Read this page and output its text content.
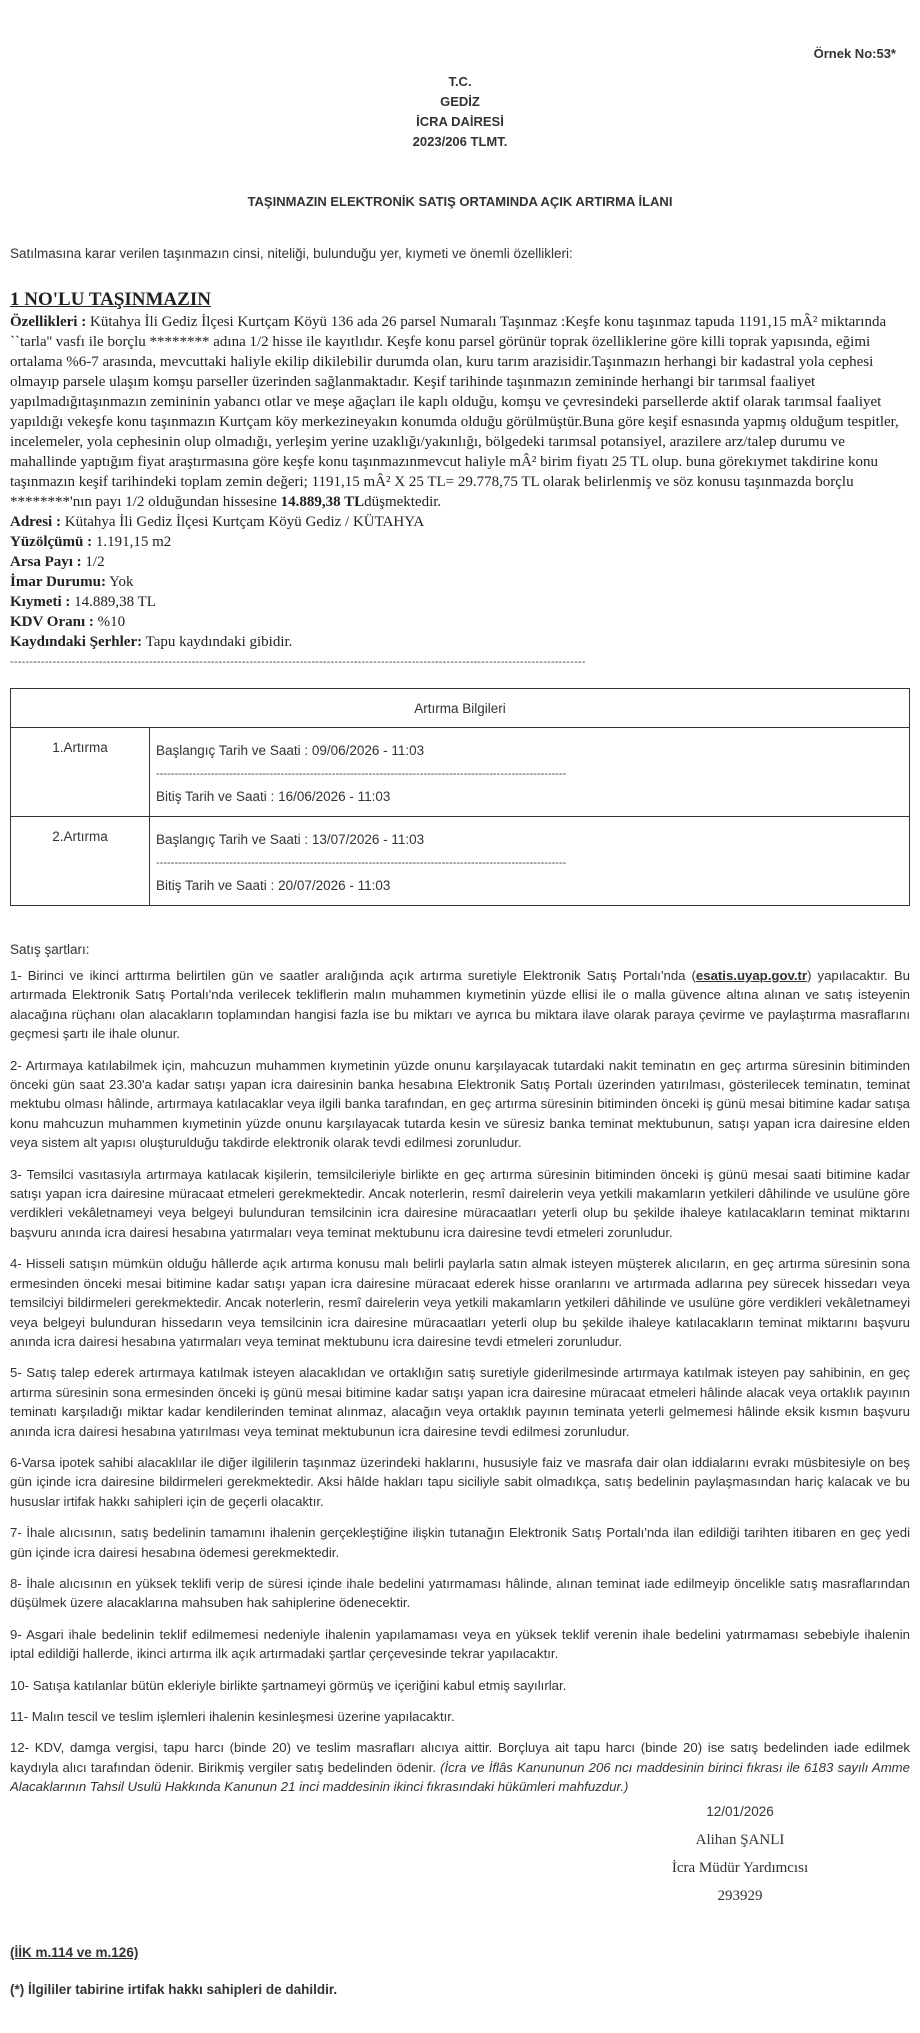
Örnek No:53*
T.C.
GEDİZ
İCRA DAİRESİ
2023/206 TLMT.
TAŞINMAZIN ELEKTRONİK SATIŞ ORTAMINDA AÇIK ARTIRMA İLANI
Satılmasına karar verilen taşınmazın cinsi, niteliği, bulunduğu yer, kıymeti ve önemli özellikleri:
1 NO'LU TAŞINMAZIN

Özellikleri : Kütahya İli Gediz İlçesi Kurtçam Köyü 136 ada 26 parsel Numaralı Taşınmaz :Keşfe konu taşınmaz tapuda 1191,15 mÂ² miktarında ``tarla'' vasfı ile borçlu ******** adına 1/2 hisse ile kayıtlıdır. Keşfe konu parsel görünür toprak özelliklerine göre killi toprak yapısında, eğimi ortalama %6-7 arasında, mevcuttaki haliyle ekilip dikilebilir durumda olan, kuru tarım arazisidir.Taşınmazın herhangi bir kadastral yola cephesi olmayıp parsele ulaşım komşu parseller üzerinden sağlanmaktadır. Keşif tarihinde taşınmazın zemininde herhangi bir tarımsal faaliyet yapılmadığıtaşınmazın zemininin yabancı otlar ve meşe ağaçları ile kaplı olduğu, komşu ve çevresindeki parsellerde aktif olarak tarımsal faaliyet yapıldığı vekeşfe konu taşınmazın Kurtçam köy merkezineyakın konumda olduğu görülmüştür.Buna göre keşif esnasında yapmış olduğum tespitler, incelemeler, yola cephesinin olup olmadığı, yerleşim yerine uzaklığı/yakınlığı, bölgedeki tarımsal potansiyel, arazilere arz/talep durumu ve mahallinde yaptığım fiyat araştırmasına göre keşfe konu taşınmazınmevcut haliyle mÂ² birim fiyatı 25 TL olup. buna görekıymet takdirine konu taşınmazın keşif tarihindeki toplam zemin değeri; 1191,15 mÂ² X 25 TL= 29.778,75 TL olarak belirlenmiş ve söz konusu taşınmazda borçlu ********'nın payı 1/2 olduğundan hissesine 14.889,38 TLdüşmektedir.

Adresi : Kütahya İli Gediz İlçesi Kurtçam Köyü Gediz / KÜTAHYA

Yüzölçümü : 1.191,15 m2

Arsa Payı : 1/2

İmar Durumu: Yok

Kıymeti : 14.889,38 TL

KDV Oranı : %10

Kaydındaki Şerhler: Tapu kaydındaki gibidir.

-----------------------------------------------------------------------------------------------------------------------------------------------------
Artırma Bilgileri	
1.Artırma	Başlangıç Tarih ve Saati : 09/06/2026 - 11:03
----------------------------------------------------------------------------------------------------------------
Bitiş Tarih ve Saati : 16/06/2026 - 11:03

2.Artırma	Başlangıç Tarih ve Saati : 13/07/2026 - 11:03
----------------------------------------------------------------------------------------------------------------
Bitiş Tarih ve Saati : 20/07/2026 - 11:03
Satış şartları:

1- Birinci ve ikinci arttırma belirtilen gün ve saatler aralığında açık artırma suretiyle Elektronik Satış Portalı'nda (esatis.uyap.gov.tr) yapılacaktır. Bu artırmada Elektronik Satış Portalı'nda verilecek tekliflerin malın muhammen kıymetinin yüzde ellisi ile o malla güvence altına alınan ve satış isteyenin alacağına rüçhanı olan alacakların toplamından hangisi fazla ise bu miktarı ve ayrıca bu miktara ilave olarak paraya çevirme ve paylaştırma masraflarını geçmesi şartı ile ihale olunur.

2- Artırmaya katılabilmek için, mahcuzun muhammen kıymetinin yüzde onunu karşılayacak tutardaki nakit teminatın en geç artırma süresinin bitiminden önceki gün saat 23.30'a kadar satışı yapan icra dairesinin banka hesabına Elektronik Satış Portalı üzerinden yatırılması, gösterilecek teminatın, teminat mektubu olması hâlinde, artırmaya katılacaklar veya ilgili banka tarafından, en geç artırma süresinin bitiminden önceki iş günü mesai bitimine kadar satışa konu mahcuzun muhammen kıymetinin yüzde onunu karşılayacak tutarda kesin ve süresiz banka teminat mektubunun, satışı yapan icra dairesine elden veya sistem alt yapısı oluşturulduğu takdirde elektronik olarak tevdi edilmesi zorunludur.

3- Temsilci vasıtasıyla artırmaya katılacak kişilerin, temsilcileriyle birlikte en geç artırma süresinin bitiminden önceki iş günü mesai saati bitimine kadar satışı yapan icra dairesine müracaat etmeleri gerekmektedir. Ancak noterlerin, resmî dairelerin veya yetkili makamların yetkileri dâhilinde ve usulüne göre verdikleri vekâletnameyi veya belgeyi bulunduran temsilcinin icra dairesine müracaatları yeterli olup bu şekilde ihaleye katılacakların teminat miktarını başvuru anında icra dairesi hesabına yatırmaları veya teminat mektubunu icra dairesine tevdi etmeleri zorunludur.

4- Hisseli satışın mümkün olduğu hâllerde açık artırma konusu malı belirli paylarla satın almak isteyen müşterek alıcıların, en geç artırma süresinin sona ermesinden önceki mesai bitimine kadar satışı yapan icra dairesine müracaat ederek hisse oranlarını ve artırmada adlarına pey sürecek hissedarı veya temsilciyi bildirmeleri gerekmektedir. Ancak noterlerin, resmî dairelerin veya yetkili makamların yetkileri dâhilinde ve usulüne göre verdikleri vekâletnameyi veya belgeyi bulunduran hissedarın veya temsilcinin icra dairesine müracaatları yeterli olup bu şekilde ihaleye katılacakların teminat miktarını başvuru anında icra dairesi hesabına yatırmaları veya teminat mektubunu icra dairesine tevdi etmeleri zorunludur.

5- Satış talep ederek artırmaya katılmak isteyen alacaklıdan ve ortaklığın satış suretiyle giderilmesinde artırmaya katılmak isteyen pay sahibinin, en geç artırma süresinin sona ermesinden önceki iş günü mesai bitimine kadar satışı yapan icra dairesine müracaat etmeleri hâlinde alacak veya ortaklık payının teminatı karşıladığı miktar kadar kendilerinden teminat alınmaz, alacağın veya ortaklık payının teminata yeterli gelmemesi hâlinde eksik kısmın başvuru anında icra dairesi hesabına yatırılması veya teminat mektubunun icra dairesine tevdi edilmesi zorunludur.

6-Varsa ipotek sahibi alacaklılar ile diğer ilgililerin taşınmaz üzerindeki haklarını, hususiyle faiz ve masrafa dair olan iddialarını evrakı müsbitesiyle on beş gün içinde icra dairesine bildirmeleri gerekmektedir. Aksi hâlde hakları tapu siciliyle sabit olmadıkça, satış bedelinin paylaşmasından hariç kalacak ve bu hususlar irtifak hakkı sahipleri için de geçerli olacaktır.

7- İhale alıcısının, satış bedelinin tamamını ihalenin gerçekleştiğine ilişkin tutanağın Elektronik Satış Portalı'nda ilan edildiği tarihten itibaren en geç yedi gün içinde icra dairesi hesabına ödemesi gerekmektedir.

8- İhale alıcısının en yüksek teklifi verip de süresi içinde ihale bedelini yatırmaması hâlinde, alınan teminat iade edilmeyip öncelikle satış masraflarından düşülmek üzere alacaklarına mahsuben hak sahiplerine ödenecektir.

9- Asgari ihale bedelinin teklif edilmemesi nedeniyle ihalenin yapılamaması veya en yüksek teklif verenin ihale bedelini yatırmaması sebebiyle ihalenin iptal edildiği hallerde, ikinci artırma ilk açık artırmadaki şartlar çerçevesinde tekrar yapılacaktır.

10- Satışa katılanlar bütün ekleriyle birlikte şartnameyi görmüş ve içeriğini kabul etmiş sayılırlar.

11- Malın tescil ve teslim işlemleri ihalenin kesinleşmesi üzerine yapılacaktır.

12- KDV, damga vergisi, tapu harcı (binde 20) ve teslim masrafları alıcıya aittir. Borçluya ait tapu harcı (binde 20) ise satış bedelinden iade edilmek kaydıyla alıcı tarafından ödenir. Birikmiş vergiler satış bedelinden ödenir. (İcra ve İflâs Kanununun 206 ncı maddesinin birinci fıkrası ile 6183 sayılı Amme Alacaklarının Tahsil Usulü Hakkında Kanunun 21 inci maddesinin ikinci fıkrasındaki hükümleri mahfuzdur.)

12/01/2026
Alihan ŞANLI
İcra Müdür Yardımcısı
293929
(İİK m.114 ve m.126)
(*) İlgililer tabirine irtifak hakkı sahipleri de dahildir.
